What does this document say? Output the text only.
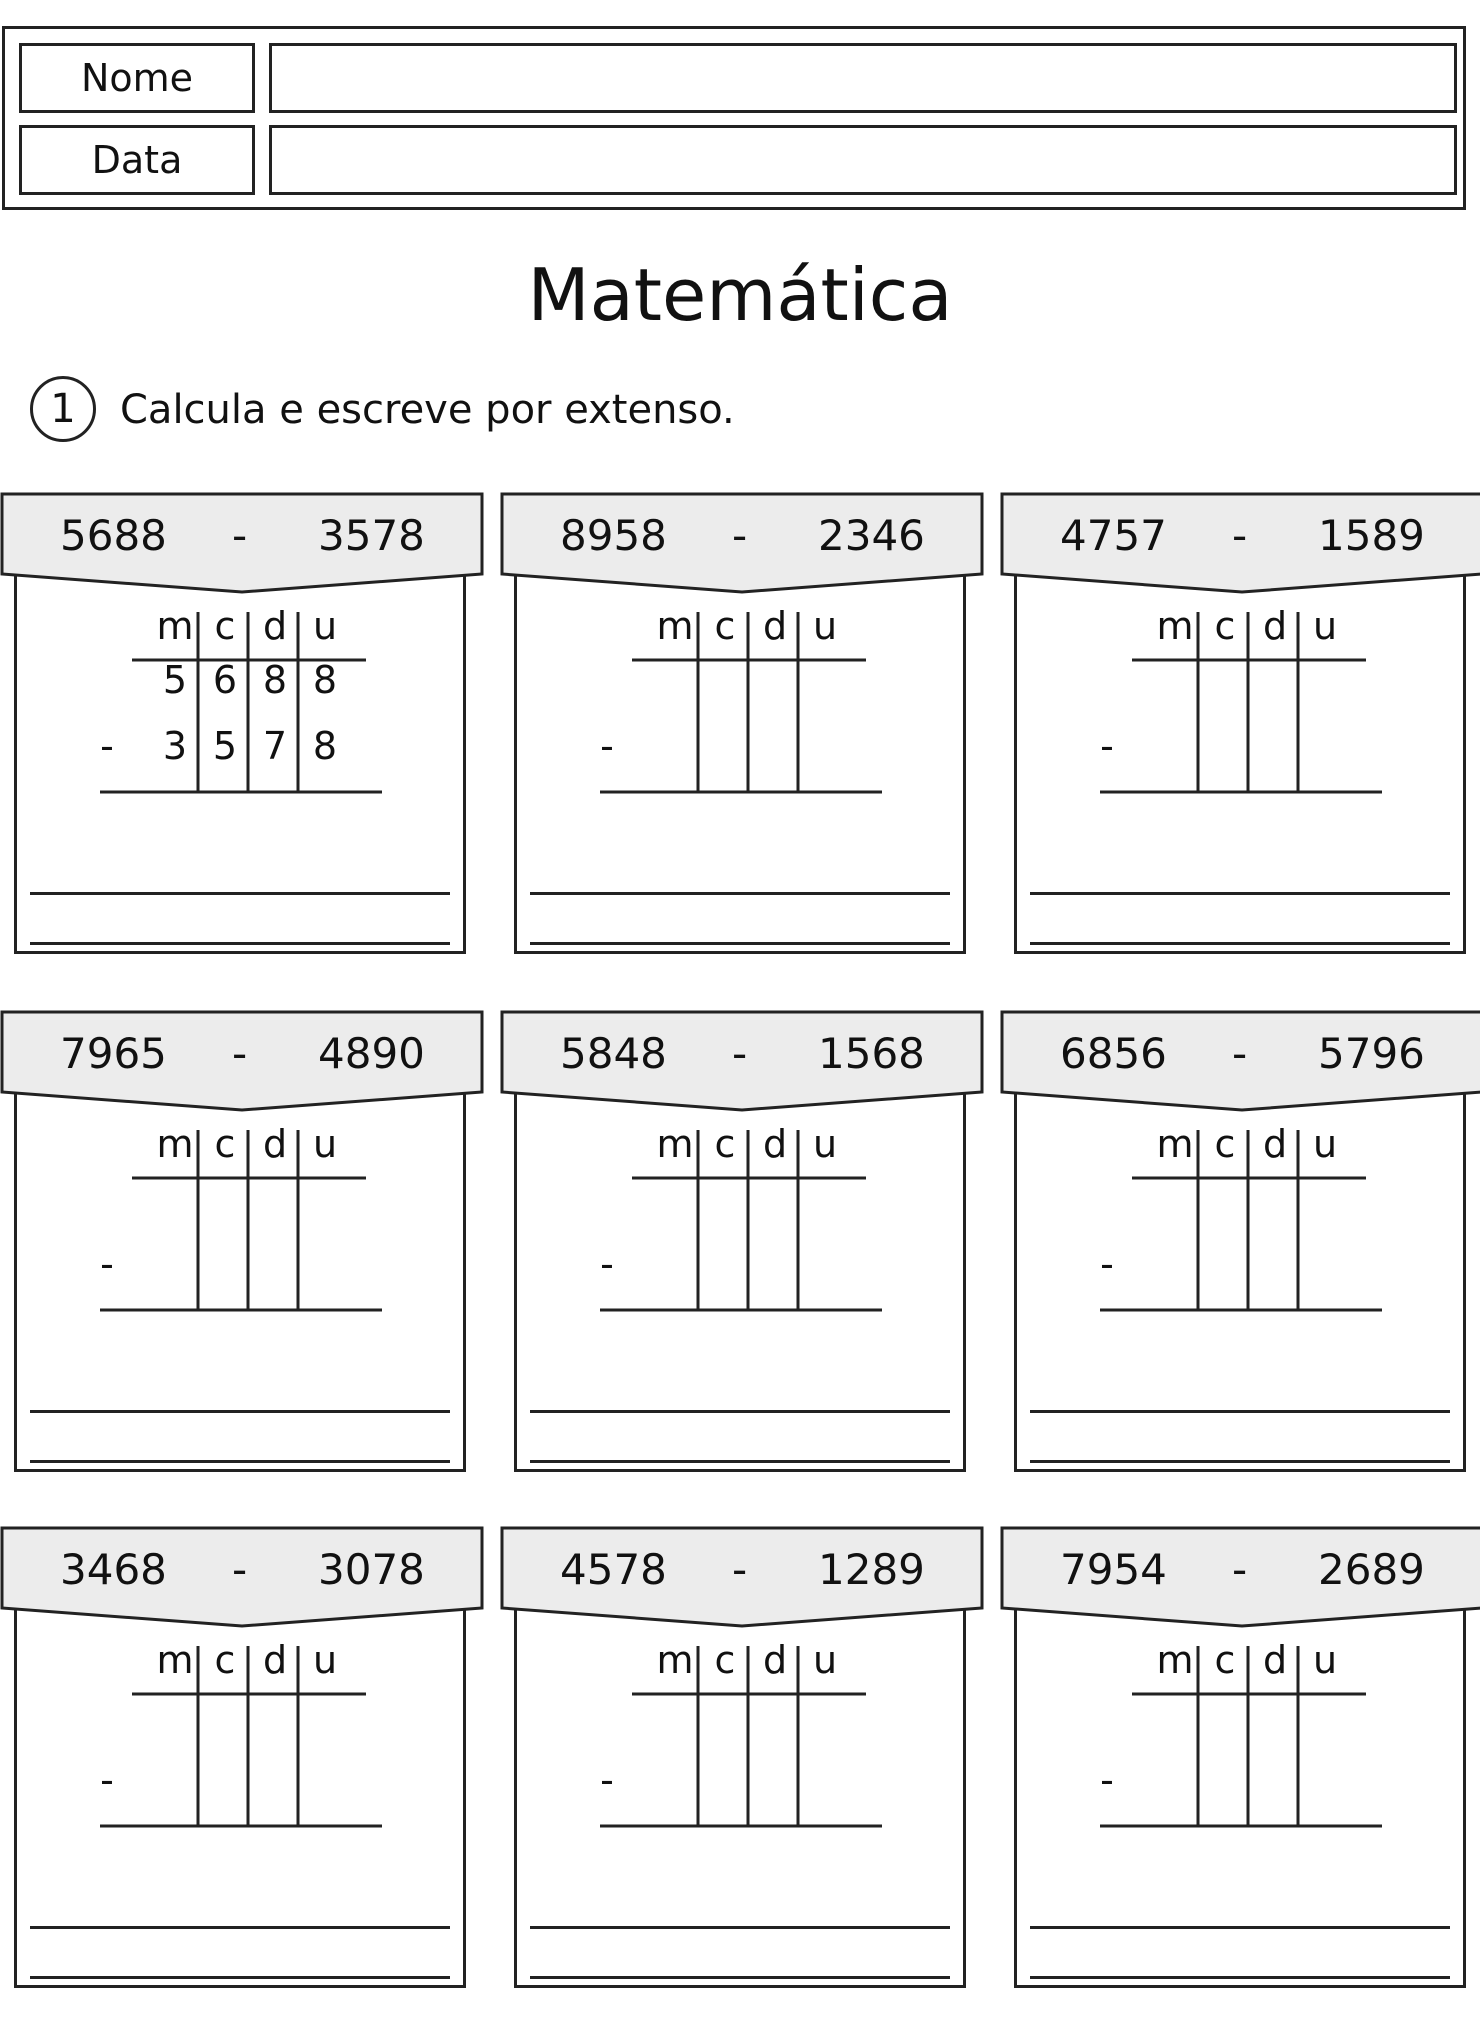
Nome
Data
Matemática
1	Calcula e escreve por extenso.
5688 - 3578
m c d u
5 6 8 8
3 5 7 8
-
8958 - 2346
m c d u
-
4757 - 1589
m c d u
-
7965 - 4890
m c d u
-
5848 - 1568
m c d u
-
6856 - 5796
m c d u
-
3468 - 3078
m c d u
-
4578 - 1289
m c d u
-
7954 - 2689
m c d u
-
